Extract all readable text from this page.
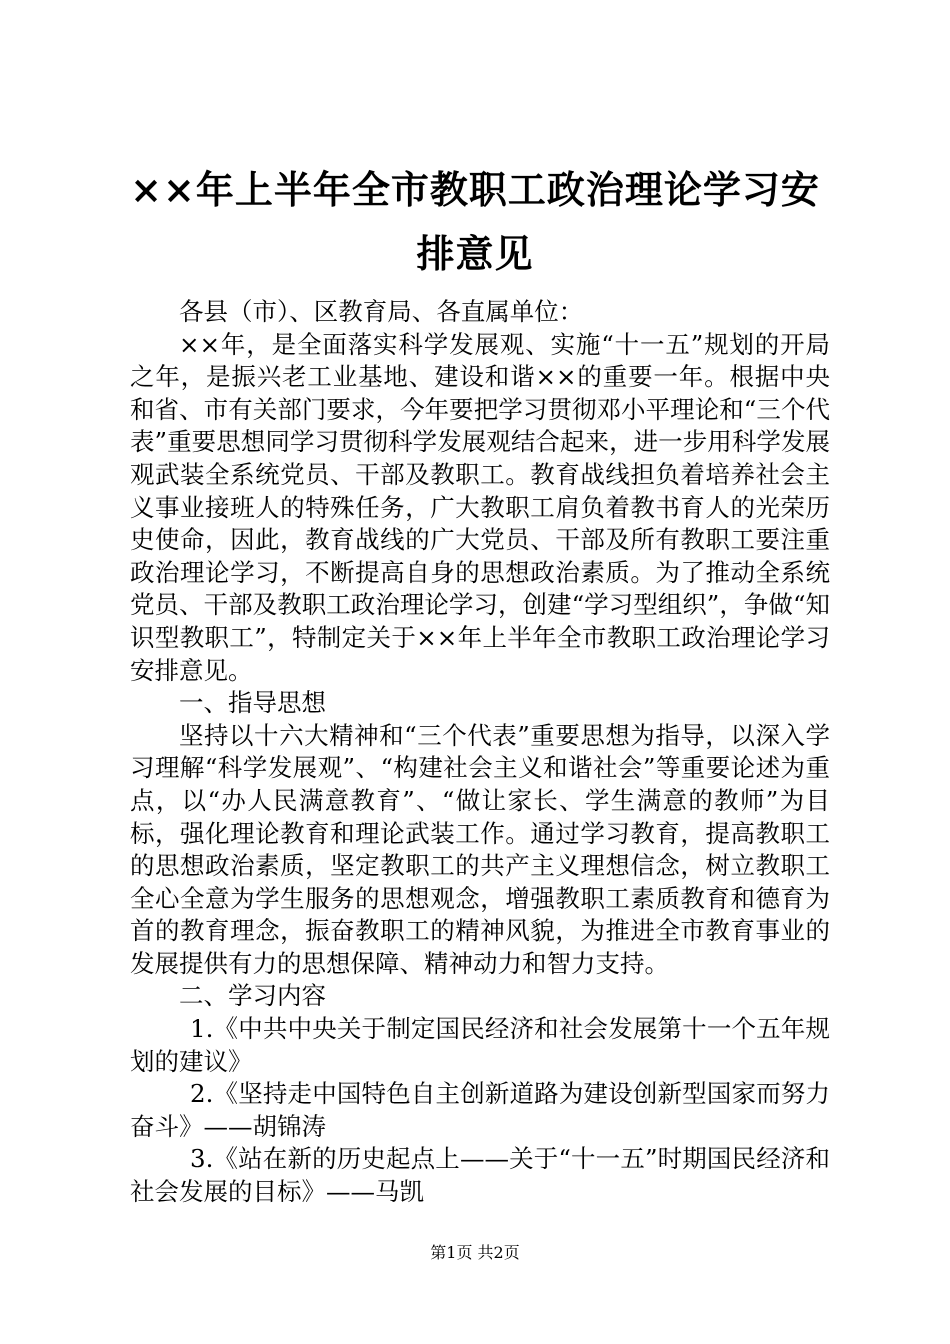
××年上半年全市教职工政治理论学习安排意见

各县（市）、区教育局、各直属单位：

××年，是全面落实科学发展观、实施“十一五”规划的开局之年，是振兴老工业基地、建设和谐××的重要一年。根据中央和省、市有关部门要求，今年要把学习贯彻邓小平理论和“三个代表”重要思想同学习贯彻科学发展观结合起来，进一步用科学发展观武装全系统党员、干部及教职工。教育战线担负着培养社会主义事业接班人的特殊任务，广大教职工肩负着教书育人的光荣历史使命，因此，教育战线的广大党员、干部及所有教职工要注重政治理论学习，不断提高自身的思想政治素质。为了推动全系统党员、干部及教职工政治理论学习，创建“学习型组织”，争做“知识型教职工”，特制定关于××年上半年全市教职工政治理论学习安排意见。

一、指导思想

坚持以十六大精神和“三个代表”重要思想为指导，以深入学习理解“科学发展观”、“构建社会主义和谐社会”等重要论述为重点，以“办人民满意教育”、“做让家长、学生满意的教师”为目标，强化理论教育和理论武装工作。通过学习教育，提高教职工的思想政治素质，坚定教职工的共产主义理想信念，树立教职工全心全意为学生服务的思想观念，增强教职工素质教育和德育为首的教育理念，振奋教职工的精神风貌，为推进全市教育事业的发展提供有力的思想保障、精神动力和智力支持。

二、学习内容

1.《中共中央关于制定国民经济和社会发展第十一个五年规划的建议》

2.《坚持走中国特色自主创新道路为建设创新型国家而努力奋斗》——胡锦涛

3.《站在新的历史起点上——关于“十一五”时期国民经济和社会发展的目标》——马凯

第1页 共2页
